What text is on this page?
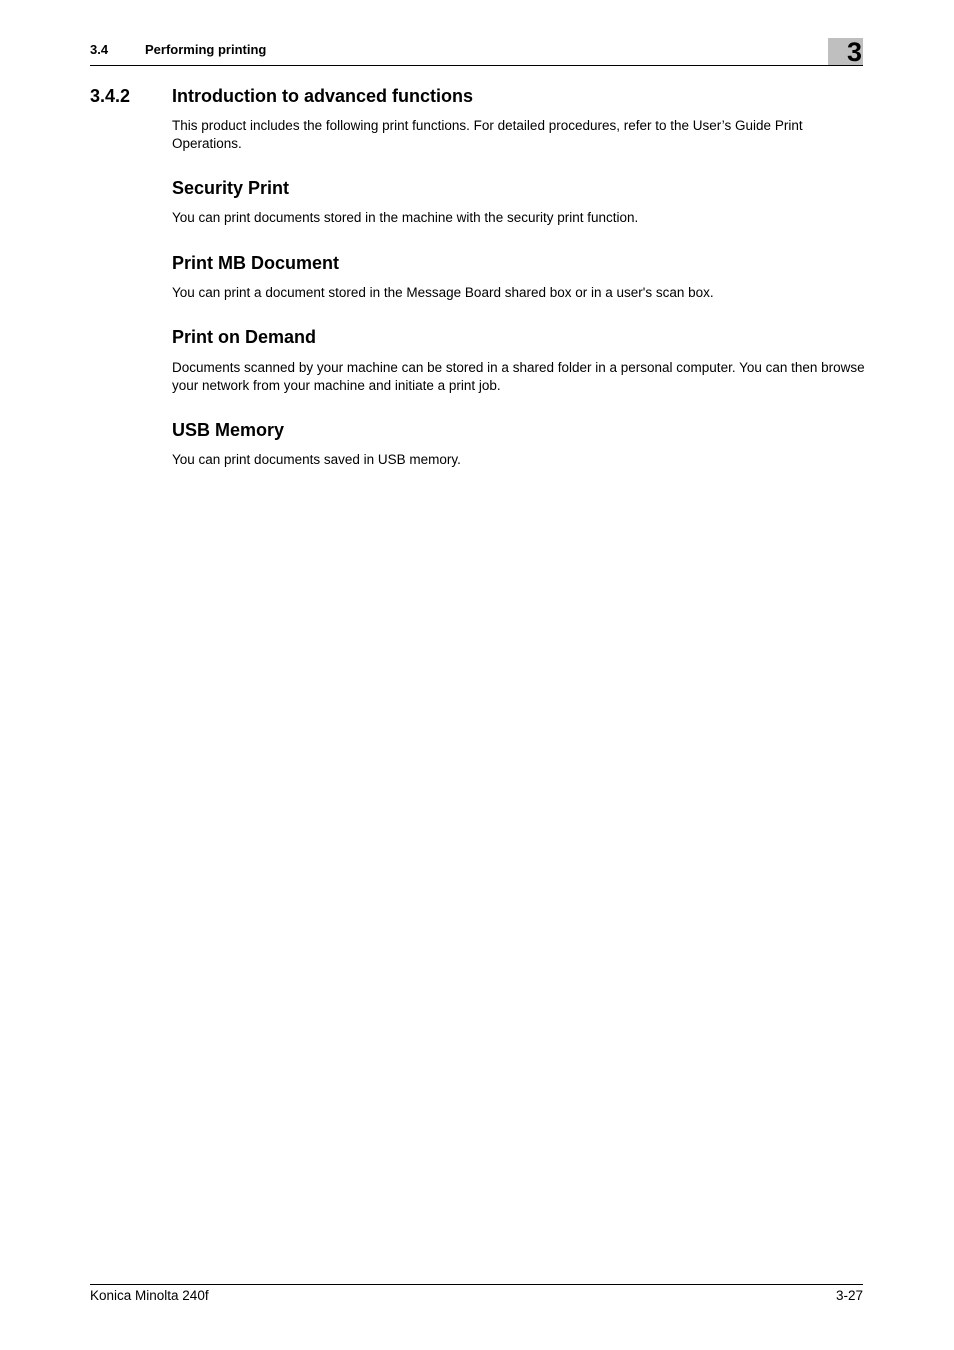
3.4	Performing printing	3
3.4.2 Introduction to advanced functions
This product includes the following print functions. For detailed procedures, refer to the User’s Guide Print Operations.
Security Print
You can print documents stored in the machine with the security print function.
Print MB Document
You can print a document stored in the Message Board shared box or in a user's scan box.
Print on Demand
Documents scanned by your machine can be stored in a shared folder in a personal computer. You can then browse your network from your machine and initiate a print job.
USB Memory
You can print documents saved in USB memory.
Konica Minolta 240f	3-27
